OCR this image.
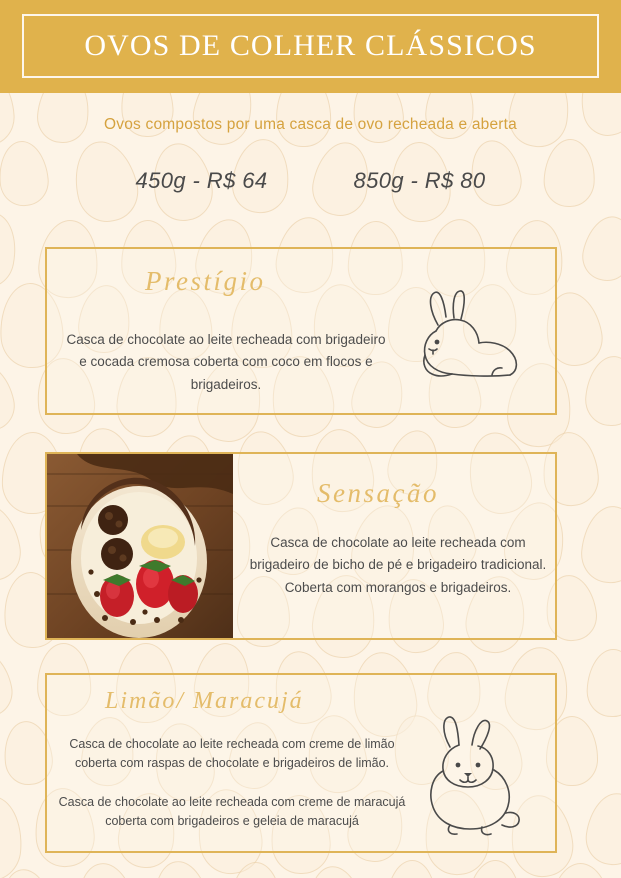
OVOS DE COLHER CLÁSSICOS
Ovos compostos por uma casca de ovo recheada e aberta
450g - R$ 64	850g - R$ 80
Prestígio
Casca de chocolate ao leite recheada com brigadeiro e cocada cremosa coberta com coco em flocos e brigadeiros.
Sensação
Casca de chocolate ao leite recheada com brigadeiro de bicho de pé e brigadeiro tradicional. Coberta com morangos e brigadeiros.
Limão/ Maracujá
Casca de chocolate ao leite recheada com creme de limão coberta com raspas de chocolate e brigadeiros de limão.
Casca de chocolate ao leite recheada com creme de maracujá coberta com brigadeiros e geleia de maracujá
